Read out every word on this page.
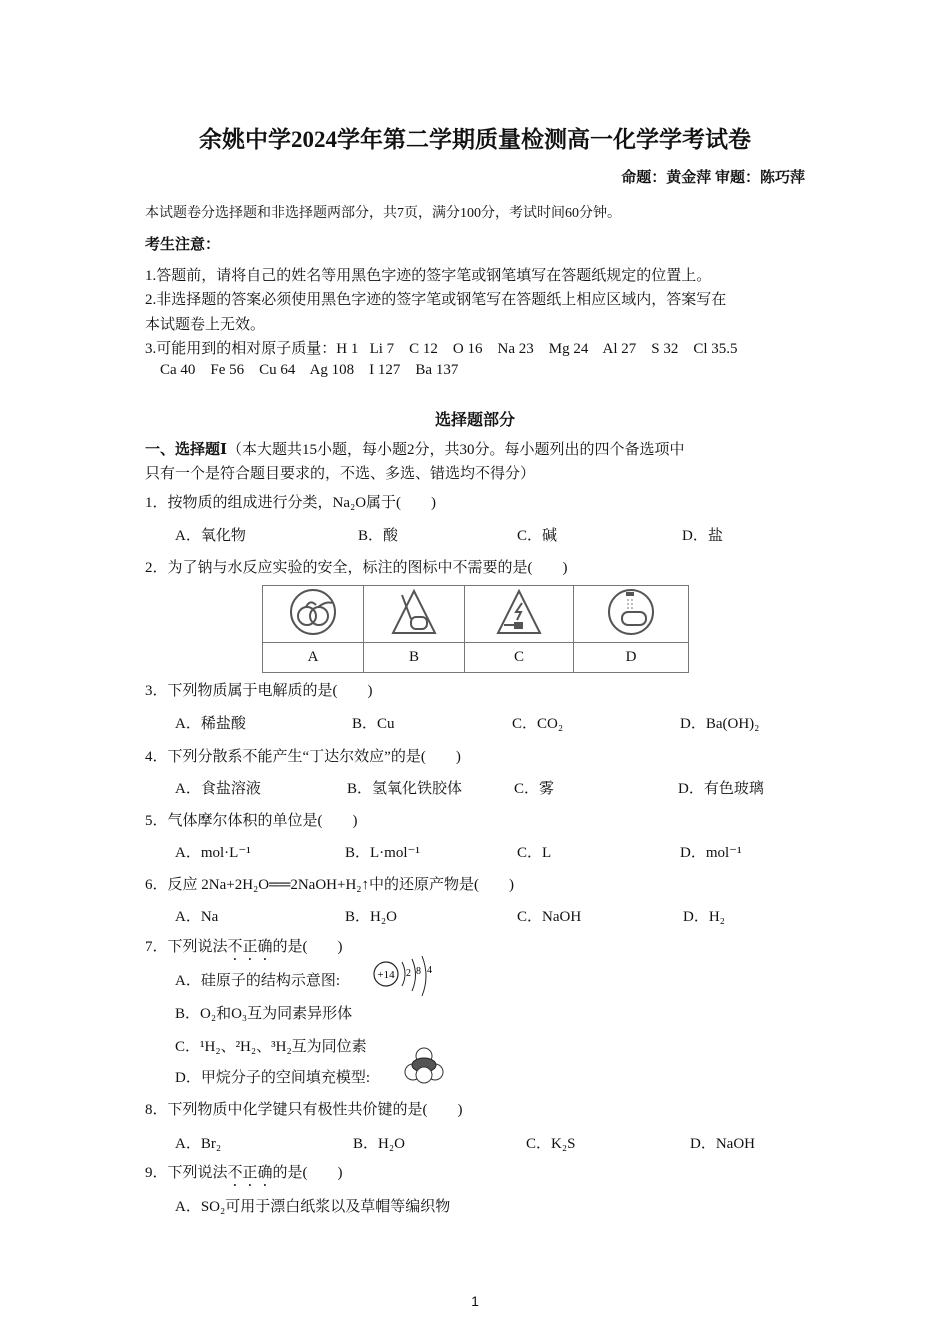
余姚中学2024学年第二学期质量检测高一化学学考试卷
命题：黄金萍 审题：陈巧萍
本试题卷分选择题和非选择题两部分，共7页，满分100分，考试时间60分钟。
考生注意：
1.答题前，请将自己的姓名等用黑色字迹的签字笔或钢笔填写在答题纸规定的位置上。
2.非选择题的答案必须使用黑色字迹的签字笔或钢笔写在答题纸上相应区域内，答案写在
本试题卷上无效。
3.可能用到的相对原子质量：H 1   Li 7    C 12    O 16    Na 23    Mg 24    Al 27    S 32    Cl 35.5
Ca 40    Fe 56    Cu 64    Ag 108    I 127    Ba 137
选择题部分
一、选择题Ⅰ（本大题共15小题，每小题2分，共30分。每小题列出的四个备选项中
只有一个是符合题目要求的，不选、多选、错选均不得分）
1．按物质的组成进行分类，Na₂O属于(　　)
A．氧化物	B．酸	C．碱	D．盐
2．为了钠与水反应实验的安全，标注的图标中不需要的是(　　)

A	B	C	D
3．下列物质属于电解质的是(　　)
A．稀盐酸	B．Cu	C．CO₂	D．Ba(OH)₂
4．下列分散系不能产生“丁达尔效应”的是(　　)
A．食盐溶液	B．氢氧化铁胶体	C．雾	D．有色玻璃
5．气体摩尔体积的单位是(　　)
A．mol·L⁻¹	B．L·mol⁻¹	C．L	D．mol⁻¹
6．反应 2Na+2H₂O══2NaOH+H₂↑中的还原产物是(　　)
A．Na	B．H₂O	C．NaOH	D．H₂
7．下列说法不正确的是(　　)
A．硅原子的结构示意图:	+14 2 8 4
B．O₂和O₃互为同素异形体
C．¹H₂、²H₂、³H₂互为同位素
D．甲烷分子的空间填充模型:
8．下列物质中化学键只有极性共价键的是(　　)
A．Br₂	B．H₂O	C．K₂S	D．NaOH
9．下列说法不正确的是(　　)
A．SO₂可用于漂白纸浆以及草帽等编织物
1
